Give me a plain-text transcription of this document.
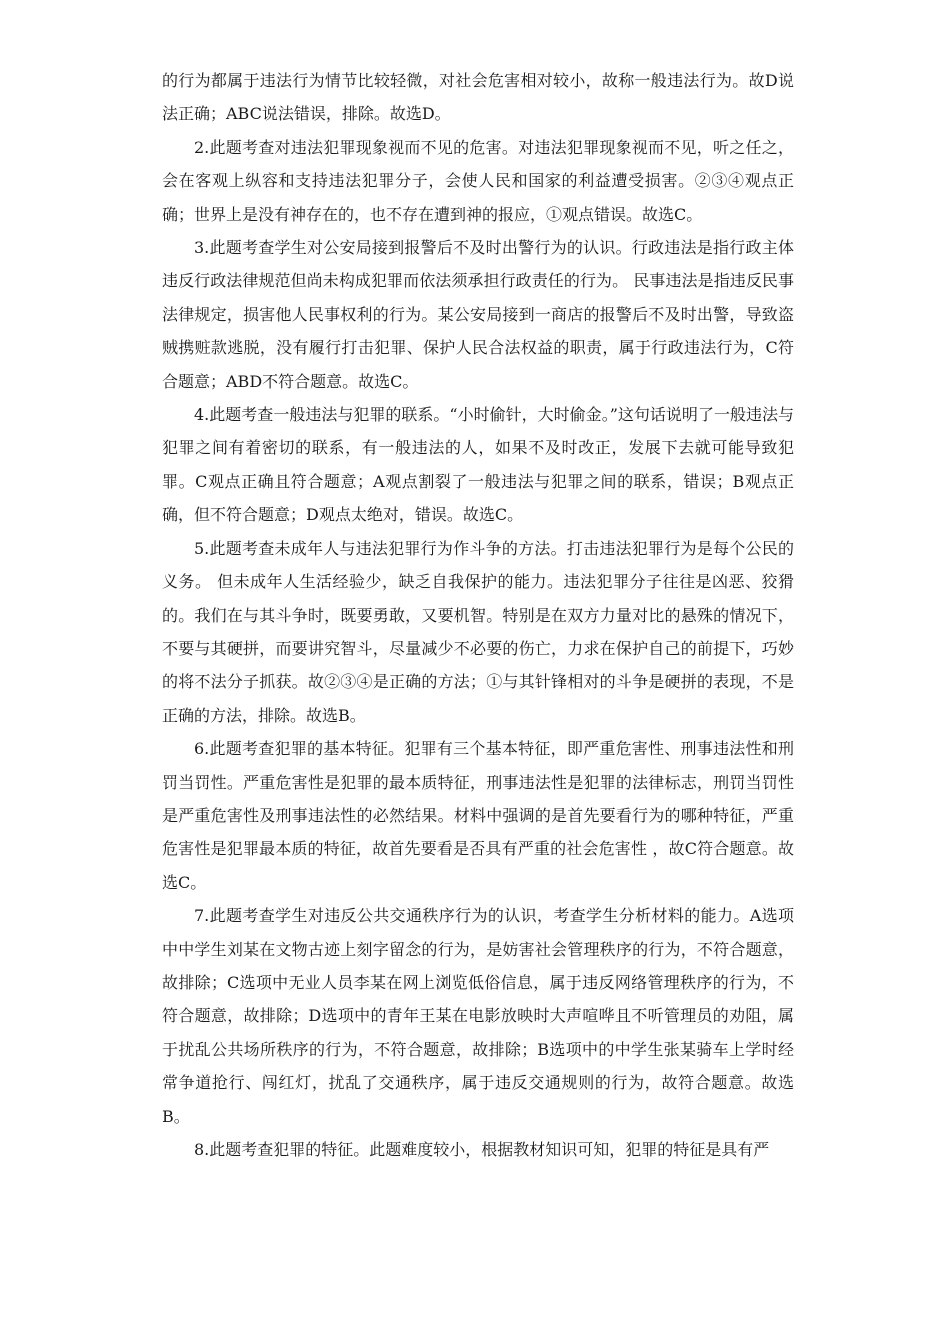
的行为都属于违法行为情节比较轻微，对社会危害相对较小，故称一般违法行为。故D说法正确；ABC说法错误，排除。故选D。

2.此题考查对违法犯罪现象视而不见的危害。对违法犯罪现象视而不见，听之任之，会在客观上纵容和支持违法犯罪分子，会使人民和国家的利益遭受损害。②③④观点正确；世界上是没有神存在的，也不存在遭到神的报应，①观点错误。故选C。

3.此题考查学生对公安局接到报警后不及时出警行为的认识。行政违法是指行政主体违反行政法律规范但尚未构成犯罪而依法须承担行政责任的行为。 民事违法是指违反民事法律规定，损害他人民事权利的行为。某公安局接到一商店的报警后不及时出警，导致盗贼携赃款逃脱，没有履行打击犯罪、保护人民合法权益的职责，属于行政违法行为，C符合题意；ABD不符合题意。故选C。

4.此题考查一般违法与犯罪的联系。“小时偷针，大时偷金。”这句话说明了一般违法与犯罪之间有着密切的联系，有一般违法的人，如果不及时改正，发展下去就可能导致犯罪。C观点正确且符合题意；A观点割裂了一般违法与犯罪之间的联系，错误；B观点正确，但不符合题意；D观点太绝对，错误。故选C。

5.此题考查未成年人与违法犯罪行为作斗争的方法。打击违法犯罪行为是每个公民的义务。 但未成年人生活经验少，缺乏自我保护的能力。违法犯罪分子往往是凶恶、狡猾的。我们在与其斗争时，既要勇敢，又要机智。特别是在双方力量对比的悬殊的情况下，不要与其硬拼，而要讲究智斗，尽量减少不必要的伤亡，力求在保护自己的前提下，巧妙的将不法分子抓获。故②③④是正确的方法；①与其针锋相对的斗争是硬拼的表现，不是正确的方法，排除。故选B。

6.此题考查犯罪的基本特征。犯罪有三个基本特征，即严重危害性、刑事违法性和刑罚当罚性。严重危害性是犯罪的最本质特征，刑事违法性是犯罪的法律标志，刑罚当罚性是严重危害性及刑事违法性的必然结果。材料中强调的是首先要看行为的哪种特征，严重危害性是犯罪最本质的特征，故首先要看是否具有严重的社会危害性 ，故C符合题意。故选C。

7.此题考查学生对违反公共交通秩序行为的认识，考查学生分析材料的能力。A选项中中学生刘某在文物古迹上刻字留念的行为，是妨害社会管理秩序的行为，不符合题意，故排除；C选项中无业人员李某在网上浏览低俗信息，属于违反网络管理秩序的行为，不符合题意，故排除；D选项中的青年王某在电影放映时大声喧哗且不听管理员的劝阻，属于扰乱公共场所秩序的行为，不符合题意，故排除；B选项中的中学生张某骑车上学时经常争道抢行、闯红灯，扰乱了交通秩序，属于违反交通规则的行为，故符合题意。故选B。

8.此题考查犯罪的特征。此题难度较小，根据教材知识可知，犯罪的特征是具有严
